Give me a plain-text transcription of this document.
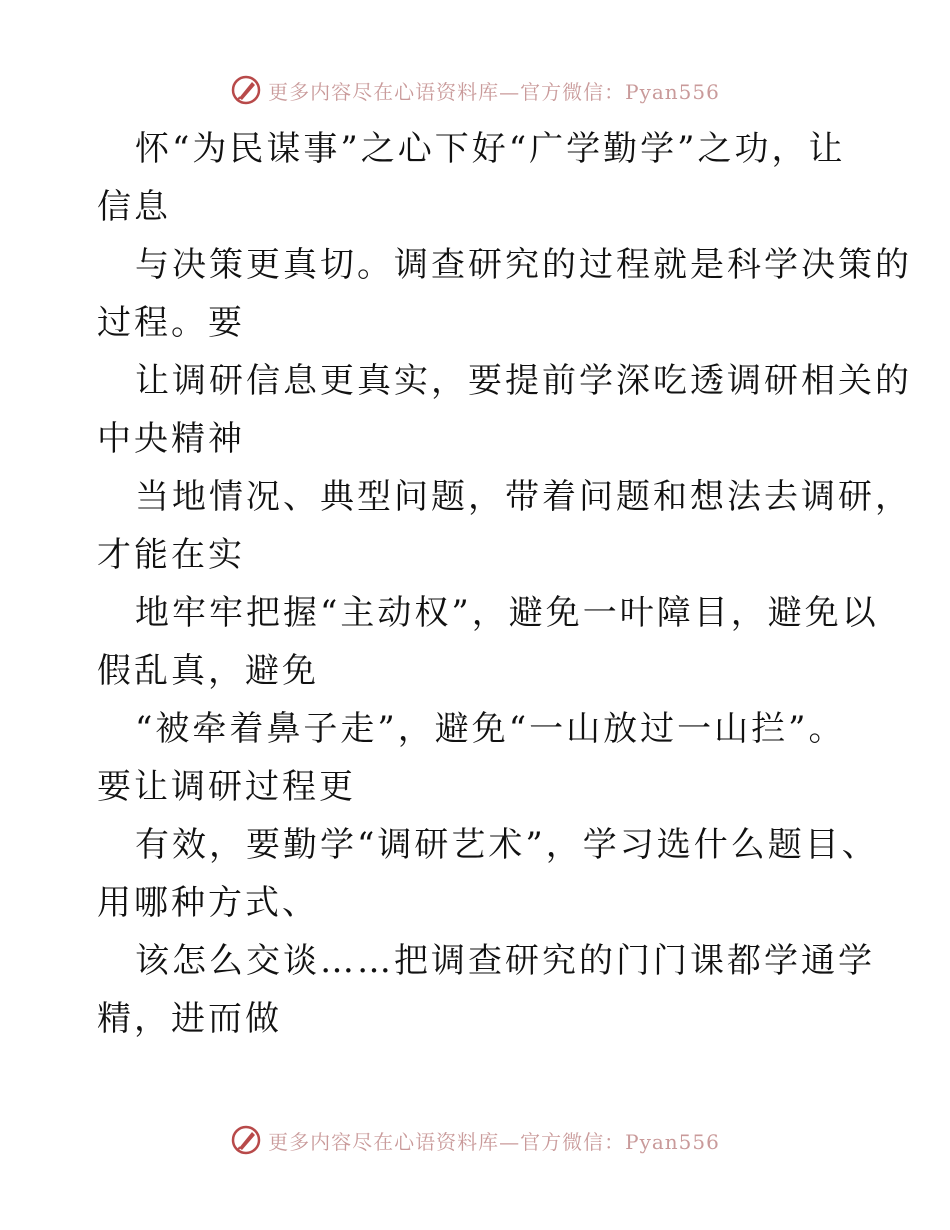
更多内容尽在心语资料库—官方微信：Pyan556
怀“为民谋事”之心下好“广学勤学”之功，让
信息
与决策更真切。调查研究的过程就是科学决策的
过程。要
让调研信息更真实，要提前学深吃透调研相关的
中央精神
当地情况、典型问题，带着问题和想法去调研，
才能在实
地牢牢把握“主动权”，避免一叶障目，避免以
假乱真，避免
“被牵着鼻子走”，避免“一山放过一山拦”。
要让调研过程更
有效，要勤学“调研艺术”，学习选什么题目、
用哪种方式、
该怎么交谈……把调查研究的门门课都学通学
精，进而做
更多内容尽在心语资料库—官方微信：Pyan556
